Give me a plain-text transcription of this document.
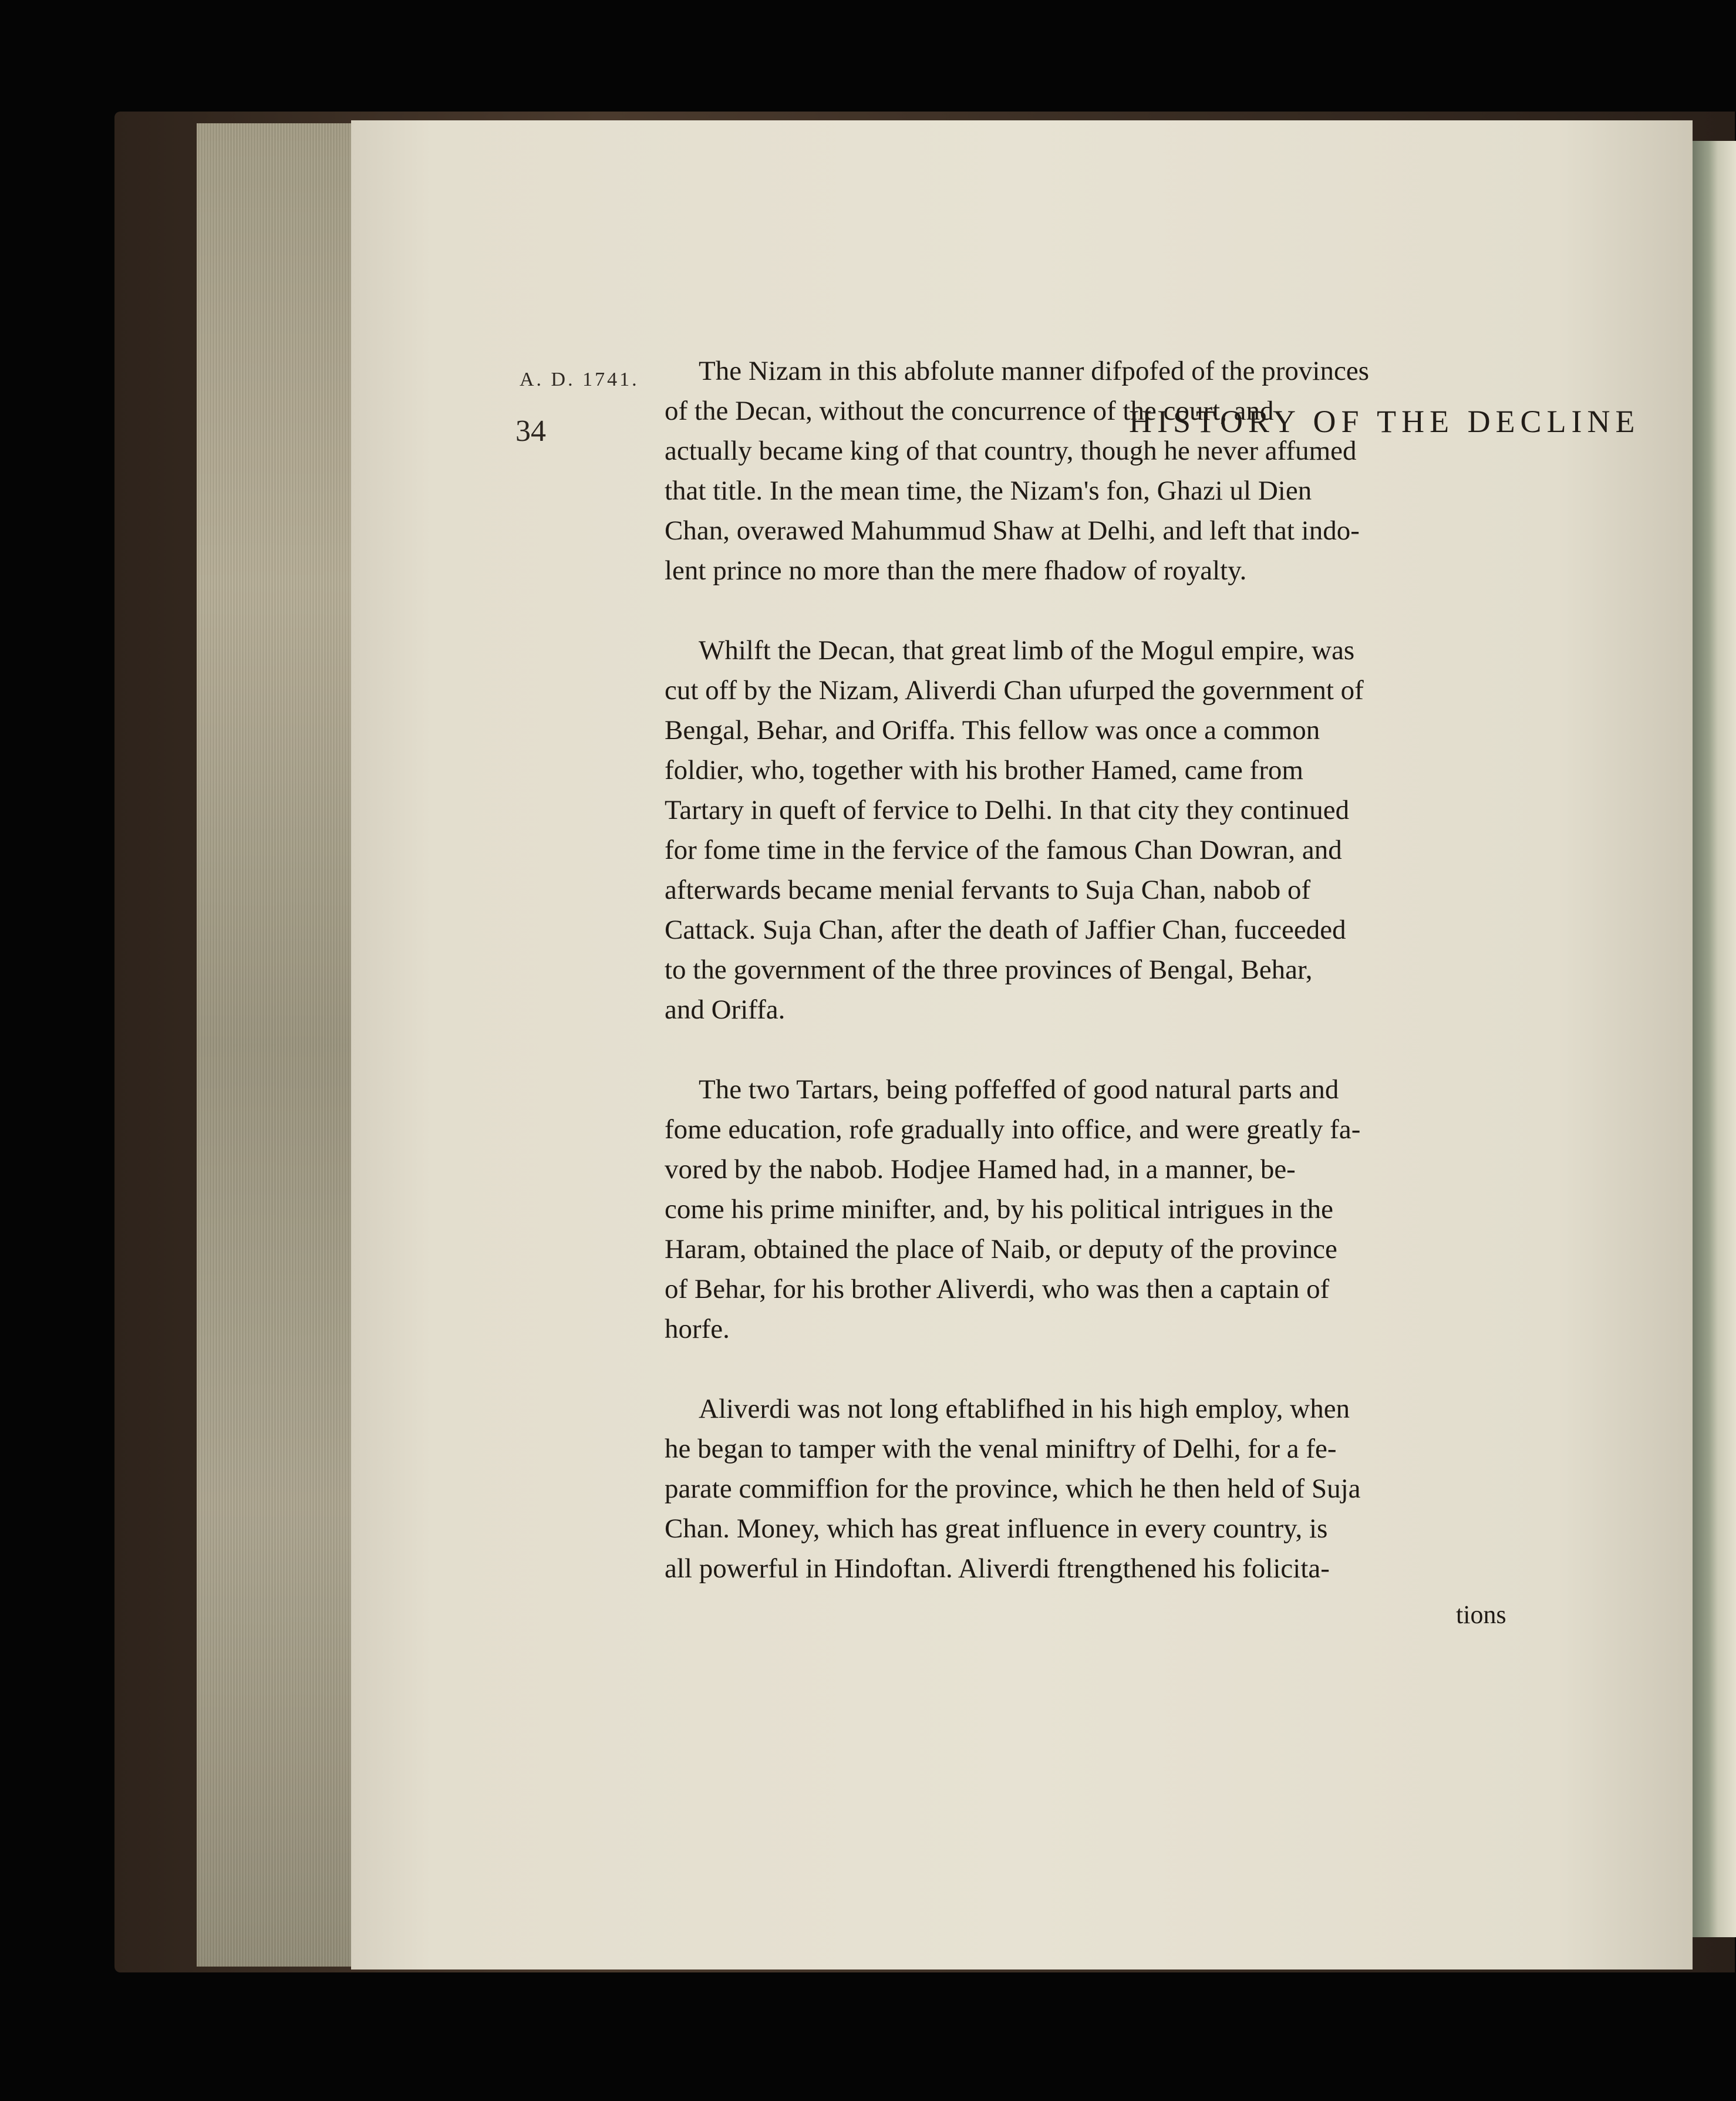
34	HISTORY OF THE DECLINE
A. D. 1741.	The Nizam in this abfolute manner difpofed of the provinces
of the Decan, without the concurrence of the court, and
actually became king of that country, though he never affumed
that title. In the mean time, the Nizam's fon, Ghazi ul Dien
Chan, overawed Mahummud Shaw at Delhi, and left that indo-
lent prince no more than the mere fhadow of royalty.

Whilft the Decan, that great limb of the Mogul empire, was
cut off by the Nizam, Aliverdi Chan ufurped the government of
Bengal, Behar, and Oriffa. This fellow was once a common
foldier, who, together with his brother Hamed, came from
Tartary in queft of fervice to Delhi. In that city they continued
for fome time in the fervice of the famous Chan Dowran, and
afterwards became menial fervants to Suja Chan, nabob of
Cattack. Suja Chan, after the death of Jaffier Chan, fucceeded
to the government of the three provinces of Bengal, Behar,
and Oriffa.

The two Tartars, being poffeffed of good natural parts and
fome education, rofe gradually into office, and were greatly fa-
vored by the nabob. Hodjee Hamed had, in a manner, be-
come his prime minifter, and, by his political intrigues in the
Haram, obtained the place of Naib, or deputy of the province
of Behar, for his brother Aliverdi, who was then a captain of
horfe.

Aliverdi was not long eftablifhed in his high employ, when
he began to tamper with the venal miniftry of Delhi, for a fe-
parate commiffion for the province, which he then held of Suja
Chan. Money, which has great influence in every country, is
all powerful in Hindoftan. Aliverdi ftrengthened his folicita-

tions
